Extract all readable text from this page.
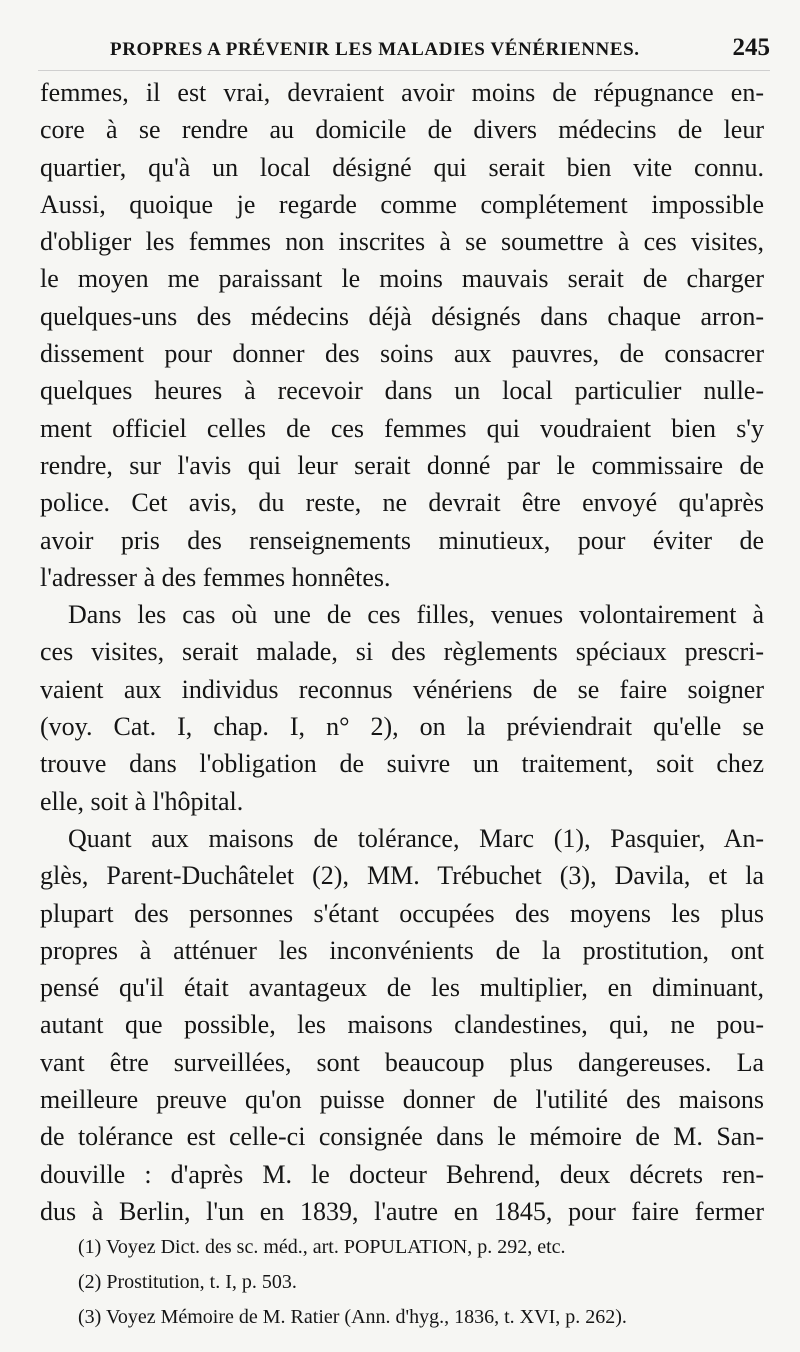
PROPRES A PRÉVENIR LES MALADIES VÉNÉRIENNES.	245
femmes, il est vrai, devraient avoir moins de répugnance en-
core à se rendre au domicile de divers médecins de leur
quartier, qu'à un local désigné qui serait bien vite connu.
Aussi, quoique je regarde comme complétement impossible
d'obliger les femmes non inscrites à se soumettre à ces visites,
le moyen me paraissant le moins mauvais serait de charger
quelques-uns des médecins déjà désignés dans chaque arron-
dissement pour donner des soins aux pauvres, de consacrer
quelques heures à recevoir dans un local particulier nulle-
ment officiel celles de ces femmes qui voudraient bien s'y
rendre, sur l'avis qui leur serait donné par le commissaire de
police. Cet avis, du reste, ne devrait être envoyé qu'après
avoir pris des renseignements minutieux, pour éviter de
l'adresser à des femmes honnêtes.
Dans les cas où une de ces filles, venues volontairement à
ces visites, serait malade, si des règlements spéciaux prescri-
vaient aux individus reconnus vénériens de se faire soigner
(voy. Cat. I, chap. I, n° 2), on la préviendrait qu'elle se
trouve dans l'obligation de suivre un traitement, soit chez
elle, soit à l'hôpital.
Quant aux maisons de tolérance, Marc (1), Pasquier, An-
glès, Parent-Duchâtelet (2), MM. Trébuchet (3), Davila, et la
plupart des personnes s'étant occupées des moyens les plus
propres à atténuer les inconvénients de la prostitution, ont
pensé qu'il était avantageux de les multiplier, en diminuant,
autant que possible, les maisons clandestines, qui, ne pou-
vant être surveillées, sont beaucoup plus dangereuses. La
meilleure preuve qu'on puisse donner de l'utilité des maisons
de tolérance est celle-ci consignée dans le mémoire de M. San-
douville : d'après M. le docteur Behrend, deux décrets ren-
dus à Berlin, l'un en 1839, l'autre en 1845, pour faire fermer
(1) Voyez Dict. des sc. méd., art. POPULATION, p. 292, etc.
(2) Prostitution, t. I, p. 503.
(3) Voyez Mémoire de M. Ratier (Ann. d'hyg., 1836, t. XVI, p. 262).
